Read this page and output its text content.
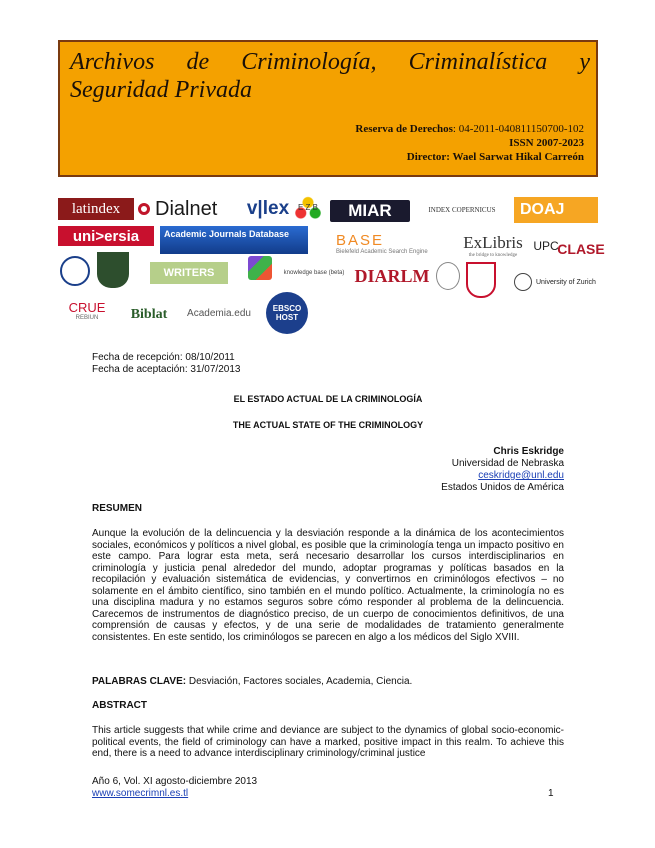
Archivos de Criminología, Criminalística y Seguridad Privada
Reserva de Derechos: 04-2011-040811150700-102
ISSN 2007-2023
Director: Wael Sarwat Hikal Carreón
latindex Dialnet v|lex E Z B MIAR	INDEX COPERNICUS DOAJ
uni>ersia	Academic Journals Database	BASE
Bielefeld Academic Search Engine ExLibris
the bridge to knowledge
UPC
CLASE
WRITERS	knowledge base (beta) DIARLM	University of Zurich
CRUE
REBIUN Biblat Academia.edu	EBSCO HOST
Fecha de recepción: 08/10/2011
Fecha de aceptación: 31/07/2013
EL ESTADO ACTUAL DE LA CRIMINOLOGÍA
THE ACTUAL STATE OF THE CRIMINOLOGY
Chris Eskridge
Universidad de Nebraska
ceskridge@unl.edu
Estados Unidos de América
RESUMEN
Aunque la evolución de la delincuencia y la desviación responde a la dinámica de los acontecimientos sociales, económicos y políticos a nivel global, es posible que la criminología tenga un impacto positivo en este campo. Para lograr esta meta, será necesario desarrollar los cursos interdisciplinarios en criminología y justicia penal alrededor del mundo, adoptar programas y políticas basados en la recopilación y evaluación sistemática de evidencias, y convertirnos en criminólogos efectivos – no solamente en el ámbito científico, sino también en el mundo político. Actualmente, la criminología no es una disciplina madura y no estamos seguros sobre cómo responder al problema de la delincuencia. Carecemos de instrumentos de diagnóstico preciso, de un cuerpo de conocimientos definitivos, de una comprensión de causas y efectos, y de una serie de modalidades de tratamiento generalmente consistentes. En este sentido, los criminólogos se parecen en algo a los médicos del Siglo XVIII.
PALABRAS CLAVE: Desviación, Factores sociales, Academia, Ciencia.
ABSTRACT
This article suggests that while crime and deviance are subject to the dynamics of global socio-economic-political events, the field of criminology can have a marked, positive impact in this realm. To achieve this end, there is a need to advance interdisciplinary criminology/criminal justice
Año 6, Vol. XI agosto-diciembre 2013
www.somecrimnl.es.tl	1
